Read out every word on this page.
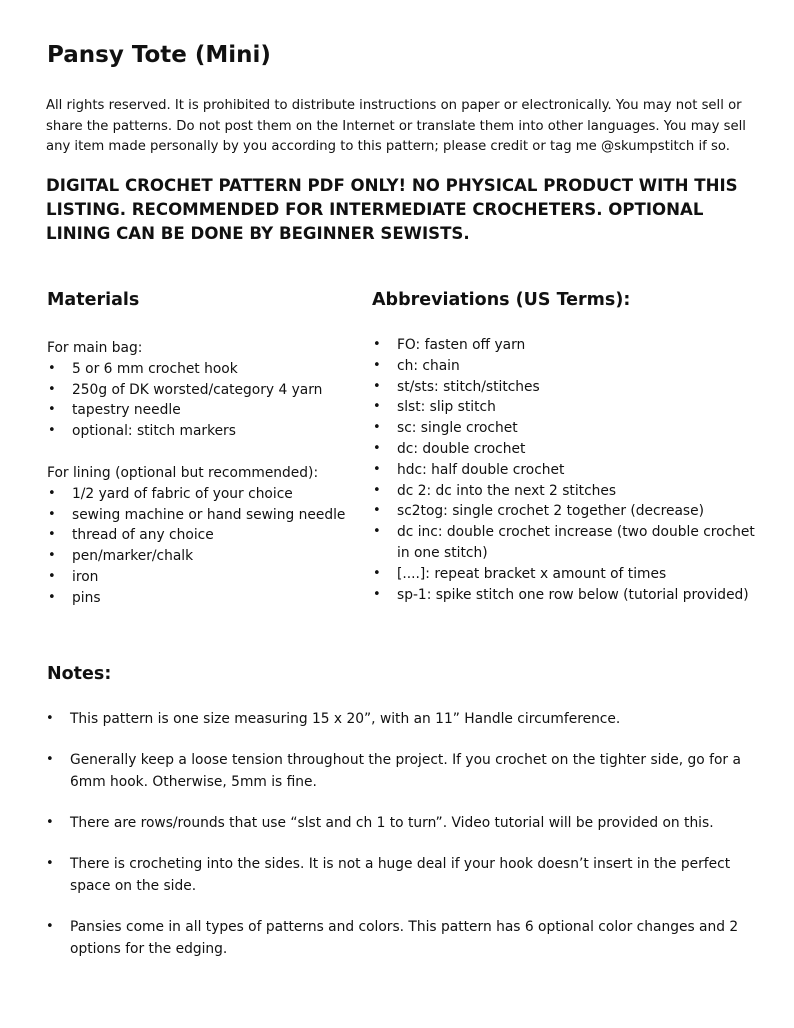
Pansy Tote (Mini)

All rights reserved. It is prohibited to distribute instructions on paper or electronically. You may not sell or share the patterns. Do not post them on the Internet or translate them into other languages. You may sell any item made personally by you according to this pattern; please credit or tag me @skumpstitch if so.

DIGITAL CROCHET PATTERN PDF ONLY! NO PHYSICAL PRODUCT WITH THIS LISTING. RECOMMENDED FOR INTERMEDIATE CROCHETERS. OPTIONAL LINING CAN BE DONE BY BEGINNER SEWISTS.

Materials	Abbreviations (US Terms):

For main bag:

• 5 or 6 mm crochet hook
• 250g of DK worsted/category 4 yarn
• tapestry needle
• optional: stitch markers

For lining (optional but recommended):

• 1/2 yard of fabric of your choice
• sewing machine or hand sewing needle
• thread of any choice
• pen/marker/chalk
• iron
• pins
• FO: fasten off yarn
• ch: chain
• st/sts: stitch/stitches
• slst: slip stitch
• sc: single crochet
• dc: double crochet
• hdc: half double crochet
• dc 2: dc into the next 2 stitches
• sc2tog: single crochet 2 together (decrease)
• dc inc: double crochet increase (two double crochet in one stitch)
• [....]: repeat bracket x amount of times
• sp-1: spike stitch one row below (tutorial provided)
Notes:
• This pattern is one size measuring 15 x 20”, with an 11” Handle circumference.
• Generally keep a loose tension throughout the project. If you crochet on the tighter side, go for a 6mm hook. Otherwise, 5mm is fine.
• There are rows/rounds that use “slst and ch 1 to turn”. Video tutorial will be provided on this.
• There is crocheting into the sides. It is not a huge deal if your hook doesn’t insert in the perfect space on the side.
• Pansies come in all types of patterns and colors. This pattern has 6 optional color changes and 2 options for the edging.
